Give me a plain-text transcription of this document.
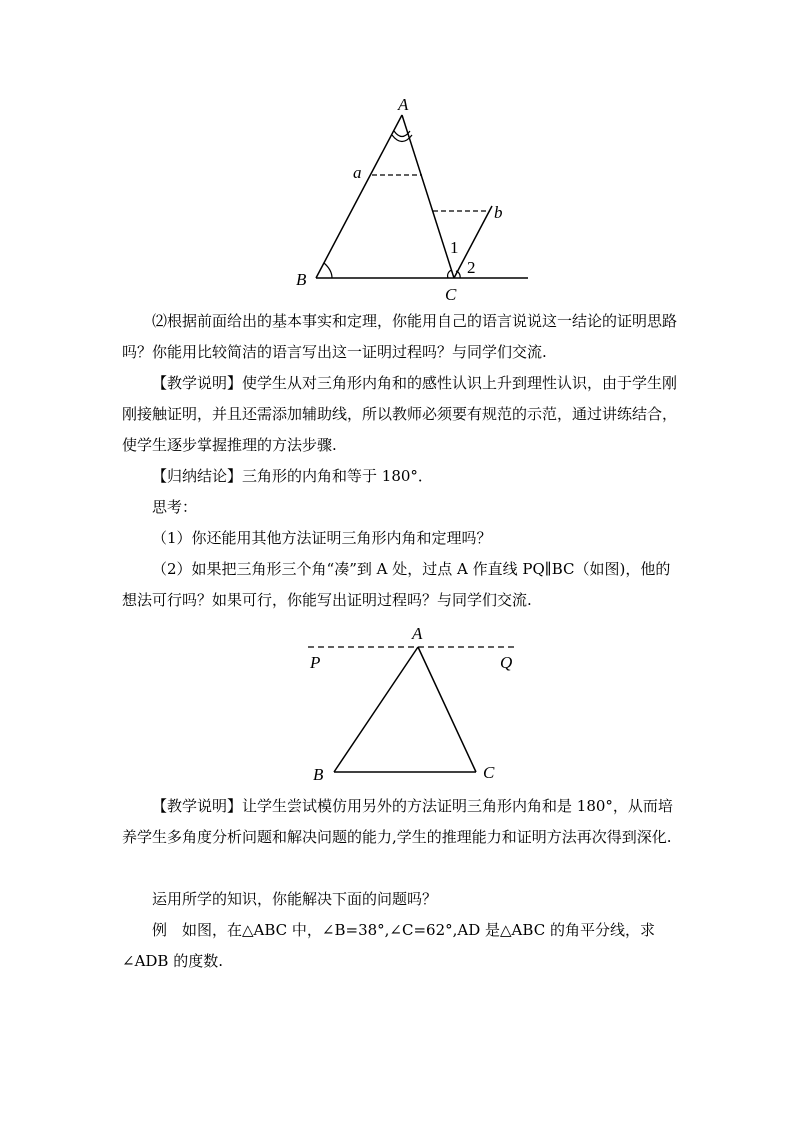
A
a
b
B
C
1
2

⑵根据前面给出的基本事实和定理，你能用自己的语言说说这一结论的证明思路吗？你能用比较简洁的语言写出这一证明过程吗？与同学们交流.

【教学说明】使学生从对三角形内角和的感性认识上升到理性认识，由于学生刚刚接触证明，并且还需添加辅助线，所以教师必须要有规范的示范，通过讲练结合，使学生逐步掌握推理的方法步骤.

【归纳结论】三角形的内角和等于 180°．

思考：

（1）你还能用其他方法证明三角形内角和定理吗？

（2）如果把三角形三个角“凑”到 A 处，过点 A 作直线 PQ∥BC（如图)，他的想法可行吗？如果可行，你能写出证明过程吗？与同学们交流.

A
P	Q
B	C

【教学说明】让学生尝试模仿用另外的方法证明三角形内角和是 180°，从而培养学生多角度分析问题和解决问题的能力,学生的推理能力和证明方法再次得到深化.

运用所学的知识，你能解决下面的问题吗？

例　如图，在△ABC 中，∠B=38°,∠C=62°,AD 是△ABC 的角平分线，求∠ADB 的度数.
